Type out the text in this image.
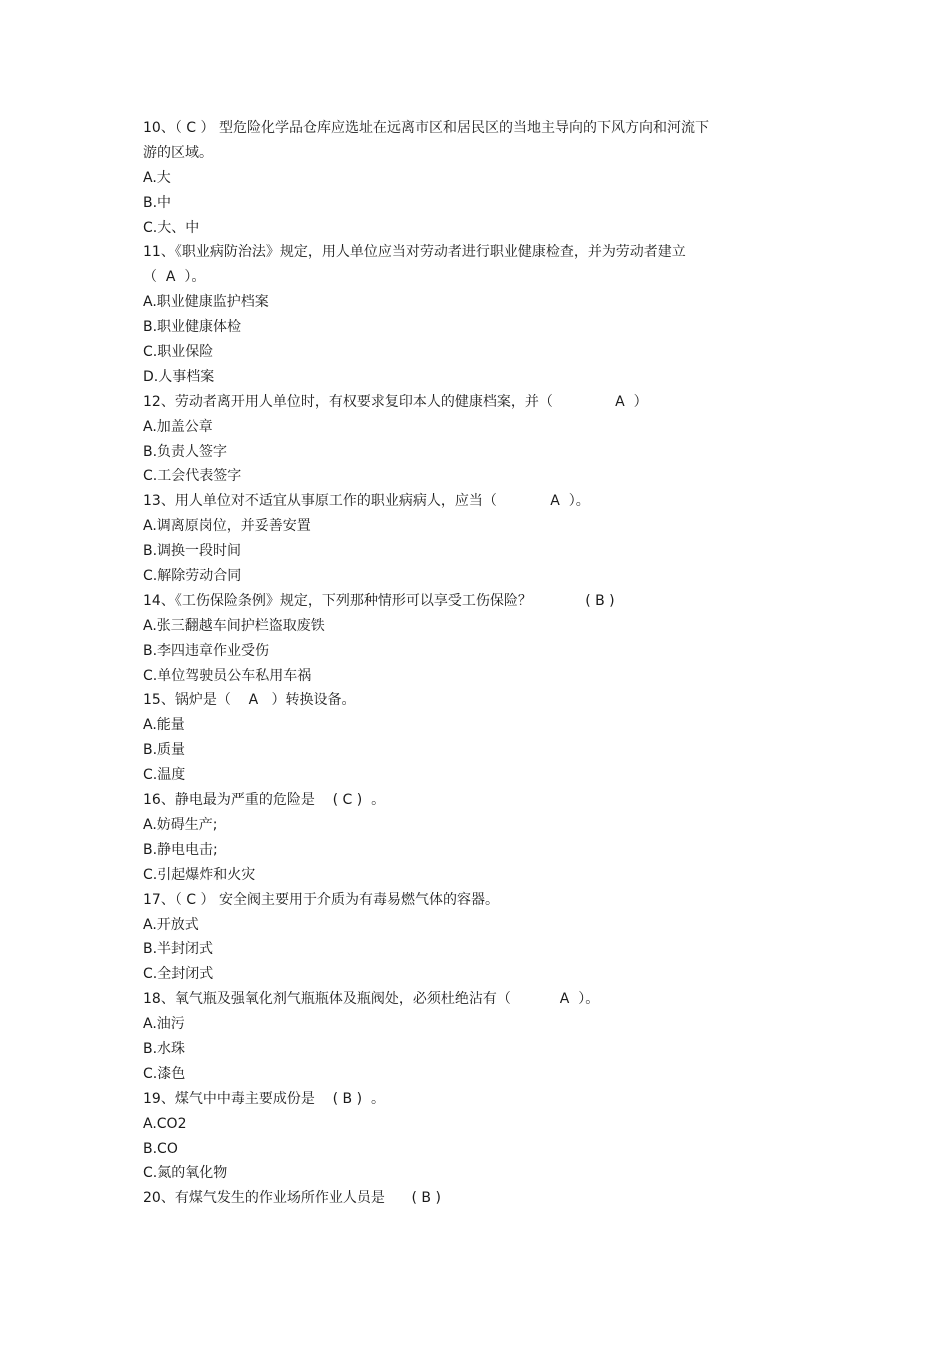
10、（ C ） 型危险化学品仓库应选址在远离市区和居民区的当地主导向的下风方向和河流下
游的区域。
A.大
B.中
C.大、中
11、《职业病防治法》规定，用人单位应当对劳动者进行职业健康检查，并为劳动者建立
（  A  ）。
A.职业健康监护档案
B.职业健康体检
C.职业保险
D.人事档案
12、劳动者离开用人单位时，有权要求复印本人的健康档案，并（              A  ）
A.加盖公章
B.负责人签字
C.工会代表签字
13、用人单位对不适宜从事原工作的职业病病人，应当（            A  ）。
A.调离原岗位，并妥善安置
B.调换一段时间
C.解除劳动合同
14、《工伤保险条例》规定，下列那种情形可以享受工伤保险？            ( B )
A.张三翻越车间护栏盗取废铁
B.李四违章作业受伤
C.单位驾驶员公车私用车祸
15、锅炉是（    A   ）转换设备。
A.能量
B.质量
C.温度
16、静电最为严重的危险是    ( C )  。
A.妨碍生产;
B.静电电击;
C.引起爆炸和火灾
17、（ C ） 安全阀主要用于介质为有毒易燃气体的容器。
A.开放式
B.半封闭式
C.全封闭式
18、氧气瓶及强氧化剂气瓶瓶体及瓶阀处，必须杜绝沾有（           A  ）。
A.油污
B.水珠
C.漆色
19、煤气中中毒主要成份是    ( B )  。
A.CO2
B.CO
C.氮的氧化物
20、有煤气发生的作业场所作业人员是      ( B )
